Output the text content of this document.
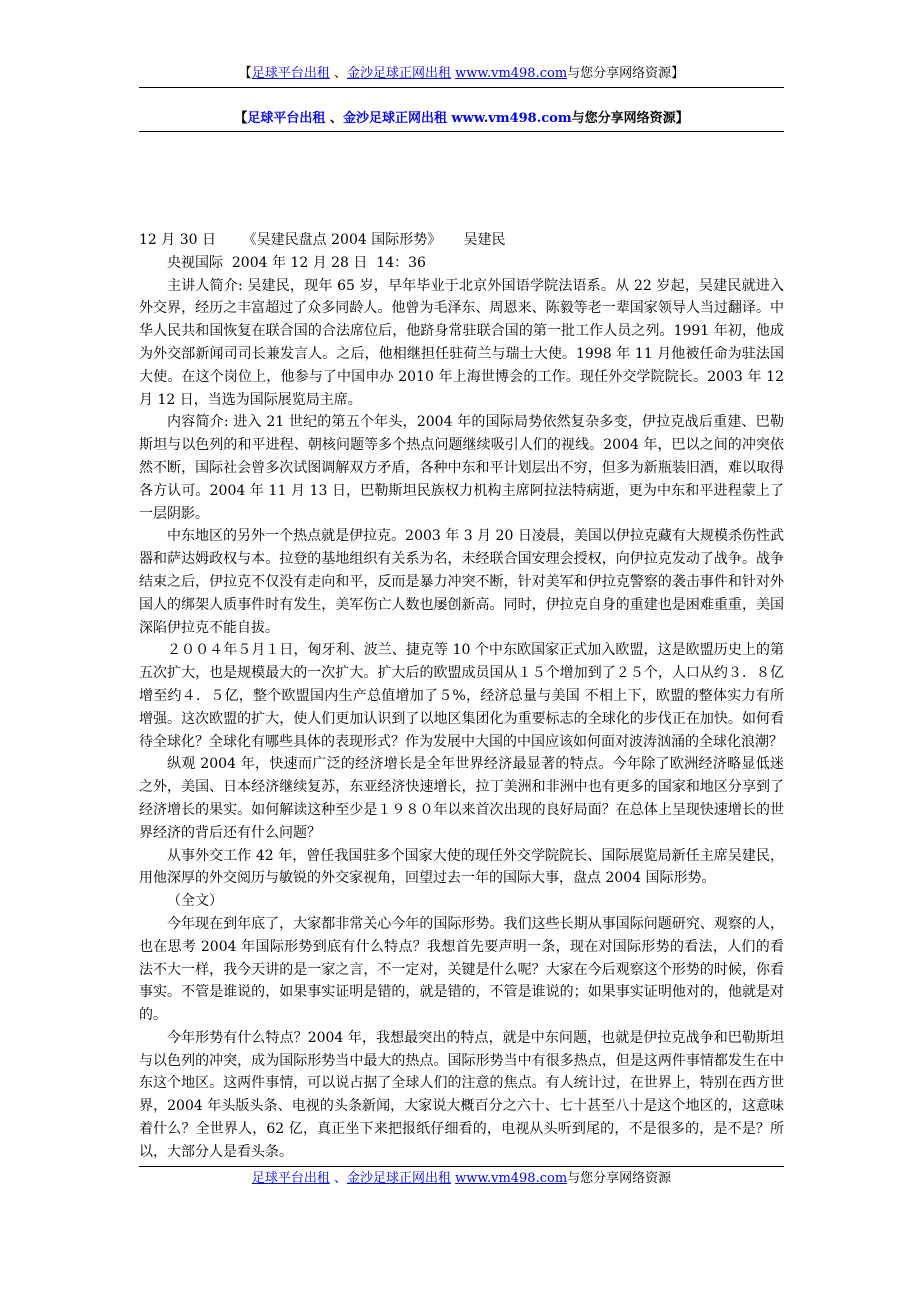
【足球平台出租 、金沙足球正网出租 www.vm498.com与您分享网络资源】
【足球平台出租 、金沙足球正网出租 www.vm498.com与您分享网络资源】

12 月 30 日      《吴建民盘点 2004 国际形势》     吴建民

央视国际  2004 年 12 月 28 日  14：36

主讲人简介: 吴建民，现年 65 岁，早年毕业于北京外国语学院法语系。从 22 岁起，吴建民就进入外交界，经历之丰富超过了众多同龄人。他曾为毛泽东、周恩来、陈毅等老一辈国家领导人当过翻译。中华人民共和国恢复在联合国的合法席位后，他跻身常驻联合国的第一批工作人员之列。1991 年初，他成为外交部新闻司司长兼发言人。之后，他相继担任驻荷兰与瑞士大使。1998 年 11 月他被任命为驻法国大使。在这个岗位上，他参与了中国申办 2010 年上海世博会的工作。现任外交学院院长。2003 年 12 月 12 日，当选为国际展览局主席。

内容简介: 进入 21 世纪的第五个年头，2004 年的国际局势依然复杂多变，伊拉克战后重建、巴勒斯坦与以色列的和平进程、朝核问题等多个热点问题继续吸引人们的视线。2004 年，巴以之间的冲突依然不断，国际社会曾多次试图调解双方矛盾，各种中东和平计划层出不穷，但多为新瓶装旧酒，难以取得各方认可。2004 年 11 月 13 日，巴勒斯坦民族权力机构主席阿拉法特病逝，更为中东和平进程蒙上了一层阴影。

中东地区的另外一个热点就是伊拉克。2003 年 3 月 20 日凌晨，美国以伊拉克藏有大规模杀伤性武器和萨达姆政权与本。拉登的基地组织有关系为名，未经联合国安理会授权，向伊拉克发动了战争。战争结束之后，伊拉克不仅没有走向和平，反而是暴力冲突不断，针对美军和伊拉克警察的袭击事件和针对外国人的绑架人质事件时有发生，美军伤亡人数也屡创新高。同时，伊拉克自身的重建也是困难重重，美国深陷伊拉克不能自拔。

２００４年５月１日，匈牙利、波兰、捷克等 10 个中东欧国家正式加入欧盟，这是欧盟历史上的第五次扩大，也是规模最大的一次扩大。扩大后的欧盟成员国从１５个增加到了２５个，人口从约３．８亿增至约４．５亿，整个欧盟国内生产总值增加了５%，经济总量与美国 不相上下，欧盟的整体实力有所增强。这次欧盟的扩大，使人们更加认识到了以地区集团化为重要标志的全球化的步伐正在加快。如何看待全球化？全球化有哪些具体的表现形式？作为发展中大国的中国应该如何面对波涛汹涌的全球化浪潮？

纵观 2004 年，快速而广泛的经济增长是全年世界经济最显著的特点。今年除了欧洲经济略显低迷之外，美国、日本经济继续复苏，东亚经济快速增长，拉丁美洲和非洲中也有更多的国家和地区分享到了经济增长的果实。如何解读这种至少是１９８０年以来首次出现的良好局面？在总体上呈现快速增长的世界经济的背后还有什么问题？

从事外交工作 42 年，曾任我国驻多个国家大使的现任外交学院院长、国际展览局新任主席吴建民，用他深厚的外交阅历与敏锐的外交家视角，回望过去一年的国际大事，盘点 2004 国际形势。

（全文）

今年现在到年底了，大家都非常关心今年的国际形势。我们这些长期从事国际问题研究、观察的人，也在思考 2004 年国际形势到底有什么特点？我想首先要声明一条，现在对国际形势的看法，人们的看法不大一样，我今天讲的是一家之言，不一定对，关键是什么呢？大家在今后观察这个形势的时候，你看事实。不管是谁说的，如果事实证明是错的，就是错的，不管是谁说的；如果事实证明他对的，他就是对的。

今年形势有什么特点？2004 年，我想最突出的特点，就是中东问题，也就是伊拉克战争和巴勒斯坦与以色列的冲突，成为国际形势当中最大的热点。国际形势当中有很多热点，但是这两件事情都发生在中东这个地区。这两件事情，可以说占据了全球人们的注意的焦点。有人统计过，在世界上，特别在西方世界，2004 年头版头条、电视的头条新闻，大家说大概百分之六十、七十甚至八十是这个地区的，这意味着什么？全世界人，62 亿，真正坐下来把报纸仔细看的，电视从头听到尾的，不是很多的，是不是？所以，大部分人是看头条。

足球平台出租 、金沙足球正网出租 www.vm498.com与您分享网络资源
